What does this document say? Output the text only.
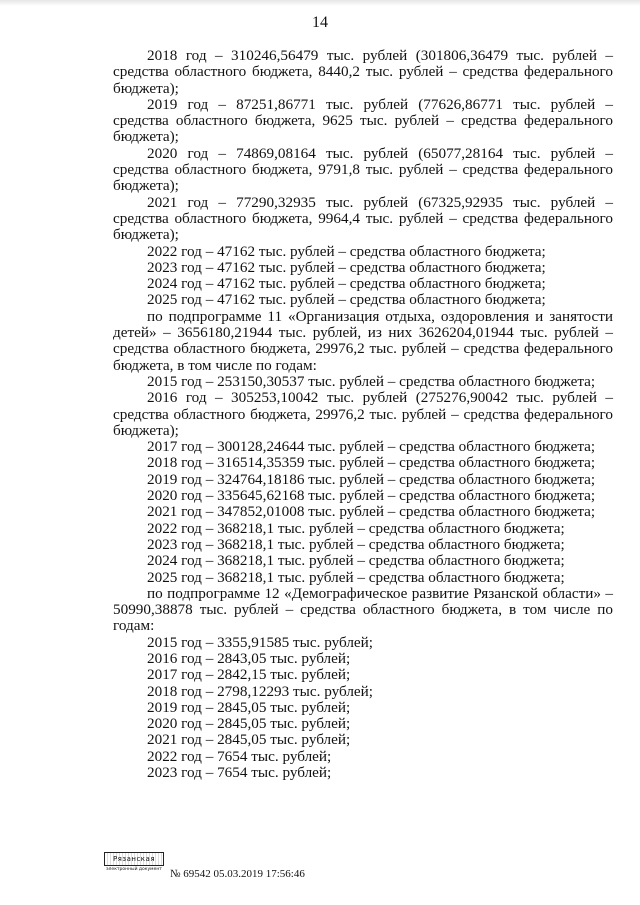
14

2018 год – 310246,56479 тыс. рублей (301806,36479 тыс. рублей – средства областного бюджета, 8440,2 тыс. рублей – средства федерального бюджета);

2019 год – 87251,86771 тыс. рублей (77626,86771 тыс. рублей – средства областного бюджета, 9625 тыс. рублей – средства федерального бюджета);

2020 год – 74869,08164 тыс. рублей (65077,28164 тыс. рублей – средства областного бюджета, 9791,8 тыс. рублей – средства федерального бюджета);

2021 год – 77290,32935 тыс. рублей (67325,92935 тыс. рублей – средства областного бюджета, 9964,4 тыс. рублей – средства федерального бюджета);

2022 год – 47162 тыс. рублей – средства областного бюджета;

2023 год – 47162 тыс. рублей – средства областного бюджета;

2024 год – 47162 тыс. рублей – средства областного бюджета;

2025 год – 47162 тыс. рублей – средства областного бюджета;

по подпрограмме 11 «Организация отдыха, оздоровления и занятости детей» – 3656180,21944 тыс. рублей, из них 3626204,01944 тыс. рублей – средства областного бюджета, 29976,2 тыс. рублей – средства федерального бюджета, в том числе по годам:

2015 год – 253150,30537 тыс. рублей – средства областного бюджета;

2016 год – 305253,10042 тыс. рублей (275276,90042 тыс. рублей – средства областного бюджета, 29976,2 тыс. рублей – средства федерального бюджета);

2017 год – 300128,24644 тыс. рублей – средства областного бюджета;

2018 год – 316514,35359 тыс. рублей – средства областного бюджета;

2019 год – 324764,18186 тыс. рублей – средства областного бюджета;

2020 год – 335645,62168 тыс. рублей – средства областного бюджета;

2021 год – 347852,01008 тыс. рублей – средства областного бюджета;

2022 год – 368218,1 тыс. рублей – средства областного бюджета;

2023 год – 368218,1 тыс. рублей – средства областного бюджета;

2024 год – 368218,1 тыс. рублей – средства областного бюджета;

2025 год – 368218,1 тыс. рублей – средства областного бюджета;

по подпрограмме 12 «Демографическое развитие Рязанской области» – 50990,38878 тыс. рублей – средства областного бюджета, в том числе по годам:

2015 год – 3355,91585 тыс. рублей;

2016 год – 2843,05 тыс. рублей;

2017 год – 2842,15 тыс. рублей;

2018 год – 2798,12293 тыс. рублей;

2019 год – 2845,05 тыс. рублей;

2020 год – 2845,05 тыс. рублей;

2021 год – 2845,05 тыс. рублей;

2022 год – 7654 тыс. рублей;

2023 год – 7654 тыс. рублей;

Рязанская
электронный документ № 69542 05.03.2019 17:56:46
